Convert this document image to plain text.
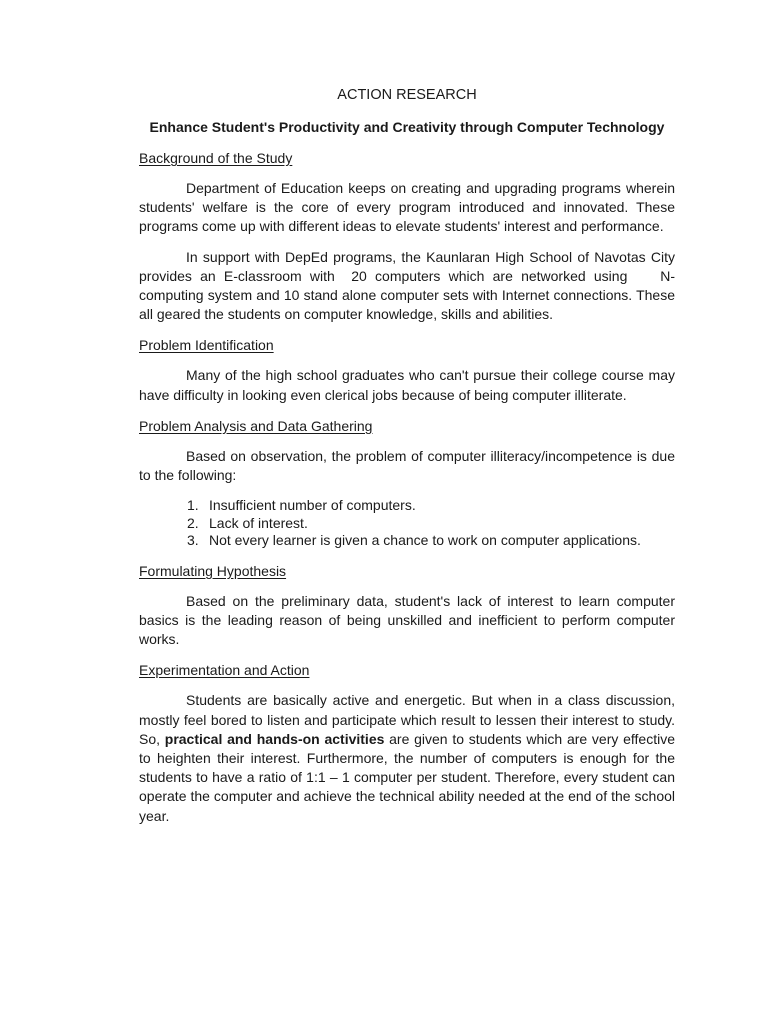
ACTION RESEARCH

Enhance Student's Productivity and Creativity through Computer Technology

Background of the Study

Department of Education keeps on creating and upgrading programs wherein students' welfare is the core of every program introduced and innovated. These programs come up with different ideas to elevate students' interest and performance.

In support with DepEd programs, the Kaunlaran High School of Navotas City provides an E-classroom with  20 computers which are networked using    N-computing system and 10 stand alone computer sets with Internet connections. These all geared the students on computer knowledge, skills and abilities.

Problem Identification

Many of the high school graduates who can't pursue their college course may have difficulty in looking even clerical jobs because of being computer illiterate.

Problem Analysis and Data Gathering

Based on observation, the problem of computer illiteracy/incompetence is due to the following:

1. Insufficient number of computers.
2. Lack of interest.
3. Not every learner is given a chance to work on computer applications.

Formulating Hypothesis

Based on the preliminary data, student's lack of interest to learn computer basics is the leading reason of being unskilled and inefficient to perform computer works.

Experimentation and Action

Students are basically active and energetic. But when in a class discussion, mostly feel bored to listen and participate which result to lessen their interest to study. So, practical and hands-on activities are given to students which are very effective to heighten their interest. Furthermore, the number of computers is enough for the students to have a ratio of 1:1 – 1 computer per student. Therefore, every student can operate the computer and achieve the technical ability needed at the end of the school year.
